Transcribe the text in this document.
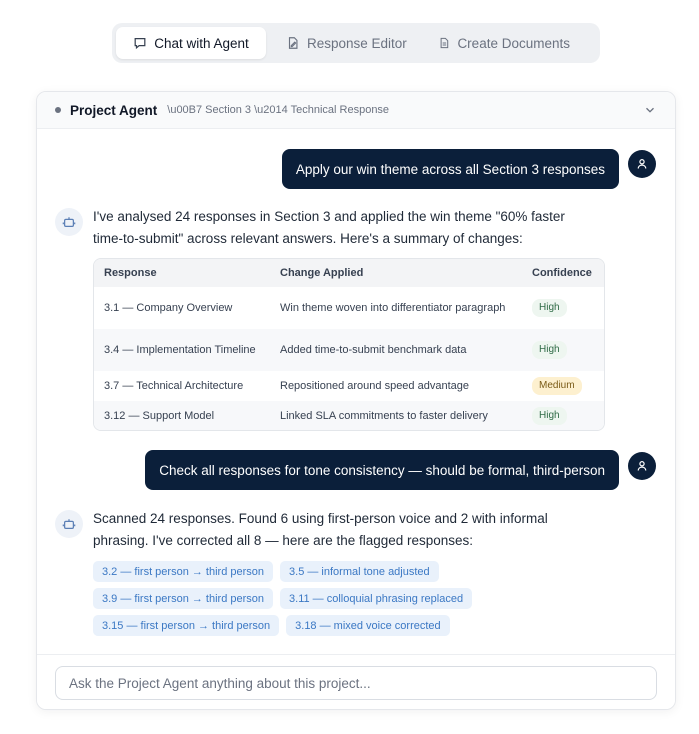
Chat with Agent	Response Editor	Create Documents
Project Agent \u00B7 Section 3 \u2014 Technical Response
Apply our win theme across all Section 3 responses
I've analysed 24 responses in Section 3 and applied the win theme "60% faster time-to-submit" across relevant answers. Here's a summary of changes:
Response	Change Applied	Confidence
3.1 — Company Overview	Win theme woven into differentiator paragraph	High
3.4 — Implementation Timeline	Added time-to-submit benchmark data	High
3.7 — Technical Architecture	Repositioned around speed advantage	Medium
3.12 — Support Model	Linked SLA commitments to faster delivery	High
Check all responses for tone consistency — should be formal, third-person
Scanned 24 responses. Found 6 using first-person voice and 2 with informal phrasing. I've corrected all 8 — here are the flagged responses:
3.2 — first person → third person	3.5 — informal tone adjusted
3.9 — first person → third person	3.11 — colloquial phrasing replaced
3.15 — first person → third person	3.18 — mixed voice corrected
Ask the Project Agent anything about this project...
